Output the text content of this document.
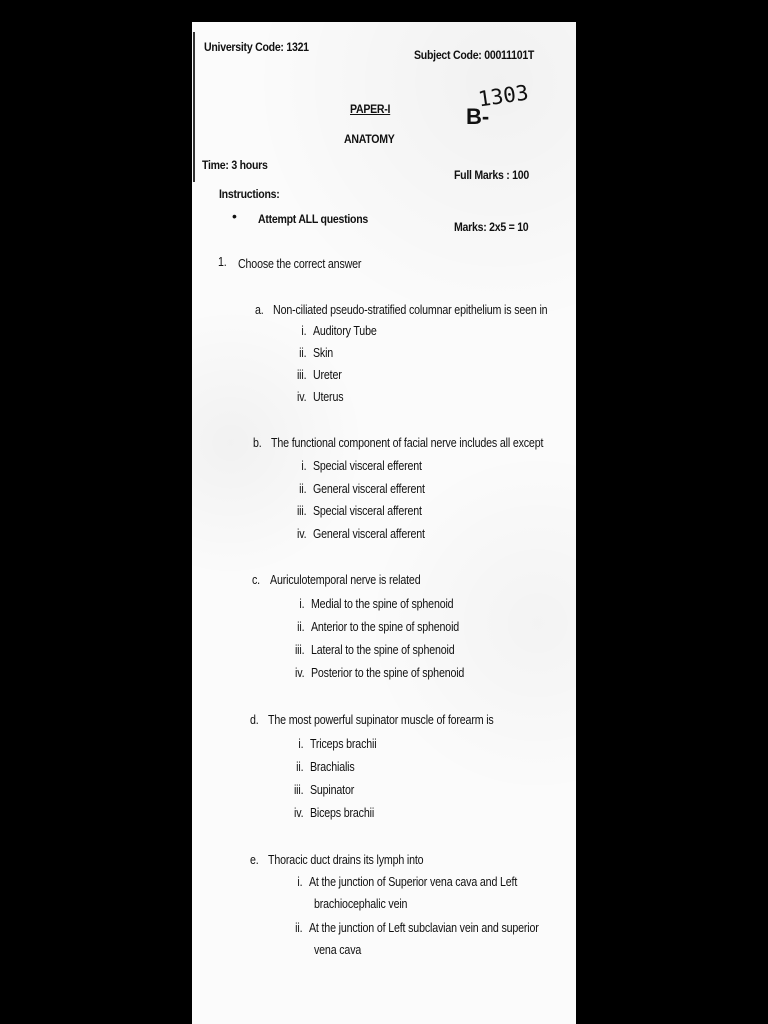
University Code: 1321
Subject Code: 00011101T
PAPER-I
ANATOMY
B-
1303
Time: 3 hours
Full Marks : 100
Instructions:
• Attempt ALL questions
Marks: 2x5 = 10
1. Choose the correct answer
a. Non-ciliated pseudo-stratified columnar epithelium is seen in
i. Auditory Tube
ii. Skin
iii. Ureter
iv. Uterus
b. The functional component of facial nerve includes all except
i. Special visceral efferent
ii. General visceral efferent
iii. Special visceral afferent
iv. General visceral afferent
c. Auriculotemporal nerve is related
i. Medial to the spine of sphenoid
ii. Anterior to the spine of sphenoid
iii. Lateral to the spine of sphenoid
iv. Posterior to the spine of sphenoid
d. The most powerful supinator muscle of forearm is
i. Triceps brachii
ii. Brachialis
iii. Supinator
iv. Biceps brachii
e. Thoracic duct drains its lymph into
i. At the junction of Superior vena cava and Left
brachiocephalic vein
ii. At the junction of Left subclavian vein and superior
vena cava
